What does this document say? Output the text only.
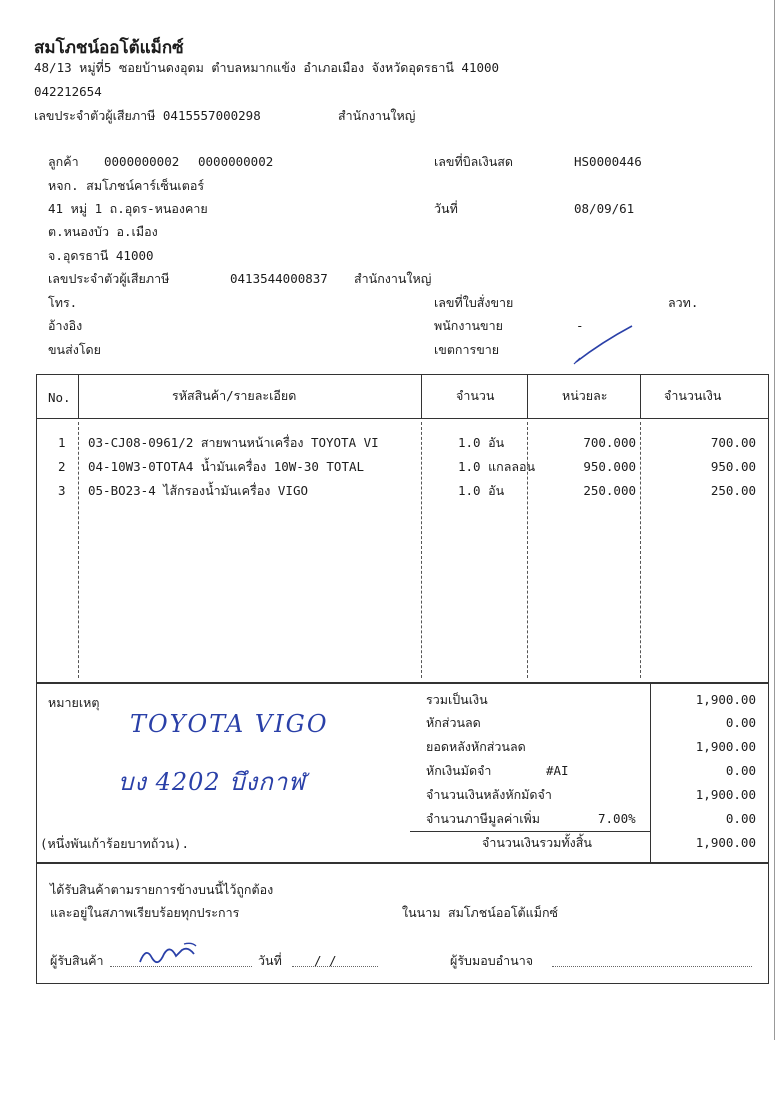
สมโภชน์ออโต้แม็กซ์
48/13 หมู่ที่5 ซอยบ้านดงอุดม ตำบลหมากแข้ง อำเภอเมือง จังหวัดอุดรธานี 41000
042212654
เลขประจำตัวผู้เสียภาษี 0415557000298	สำนักงานใหญ่
ลูกค้า 0000000002 0000000002
หจก. สมโภชน์คาร์เซ็นเตอร์
41 หมู่ 1 ถ.อุดร-หนองคาย
ต.หนองบัว อ.เมือง
จ.อุดรธานี 41000
เลขประจำตัวผู้เสียภาษี	0413544000837 สำนักงานใหญ่
โทร.
อ้างอิง
ขนส่งโดย
เลขที่บิลเงินสด	HS0000446
วันที่	08/09/61
เลขที่ใบสั่งขาย	ลวท.
พนักงานขาย	-
เขตการขาย
No.	รหัสสินค้า/รายละเอียด	จำนวน	หน่วยละ	จำนวนเงิน
1 03-CJ08-0961/2 สายพานหน้าเครื่อง TOYOTA VI	1.0 อัน	700.000	700.00
2 04-10W3-0TOTA4 น้ำมันเครื่อง 10W-30 TOTAL	1.0 แกลลอน	950.000	950.00
3 05-BO23-4 ไส้กรองน้ำมันเครื่อง VIGO	1.0 อัน	250.000	250.00
หมายเหตุ
TOYOTA VIGO
บง 4202 บึงกาฬ
(หนึ่งพันเก้าร้อยบาทถ้วน).
รวมเป็นเงิน	1,900.00
หักส่วนลด	0.00
ยอดหลังหักส่วนลด	1,900.00
หักเงินมัดจำ	#AI	0.00
จำนวนเงินหลังหักมัดจำ	1,900.00
จำนวนภาษีมูลค่าเพิ่ม	7.00%	0.00
จำนวนเงินรวมทั้งสิ้น	1,900.00
ได้รับสินค้าตามรายการข้างบนนี้ไว้ถูกต้อง
และอยู่ในสภาพเรียบร้อยทุกประการ	ในนาม สมโภชน์ออโต้แม็กซ์
ผู้รับสินค้า	วันที่	/ /	ผู้รับมอบอำนาจ
